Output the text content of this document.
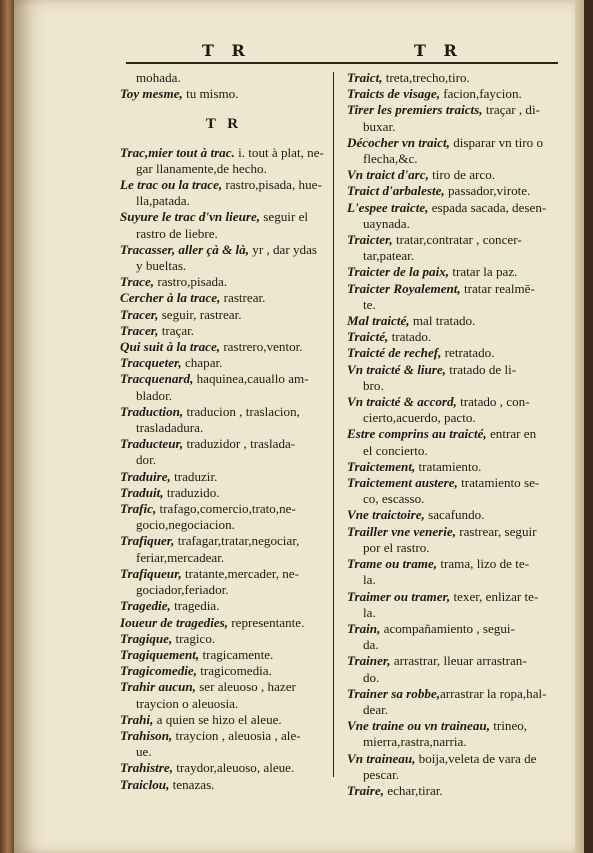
T R	T R
mohada.
Toy mesme, tu mismo.
T R
Trac,mier tout à trac. i. tout à plat, ne-
gar llanamente,de hecho.
Le trac ou la trace, rastro,pisada, hue-
lla,patada.
Suyure le trac d'vn lieure, seguir el
rastro de liebre.
Tracasser, aller çà & là, yr , dar ydas
y bueltas.
Trace, rastro,pisada.
Cercher à la trace, rastrear.
Tracer, seguir, rastrear.
Tracer, traçar.
Qui suit à la trace, rastrero,ventor.
Tracqueter, chapar.
Tracquenard, haquinea,cauallo am-
blador.
Traduction, traducion , traslacion,
trasladadura.
Traducteur, traduzidor , traslada-
dor.
Traduire, traduzir.
Traduit, traduzido.
Trafic, trafago,comercio,trato,ne-
gocio,negociacion.
Trafiquer, trafagar,tratar,negociar,
feriar,mercadear.
Trafiqueur, tratante,mercader, ne-
gociador,feriador.
Tragedie, tragedia.
Ioueur de tragedies, representante.
Tragique, tragico.
Tragiquement, tragicamente.
Tragicomedie, tragicomedia.
Trahir aucun, ser aleuoso , hazer
traycion o aleuosia.
Trahi, a quien se hizo el aleue.
Trahison, traycion , aleuosia , ale-
ue.
Trahistre, traydor,aleuoso, aleue.
Traiclou, tenazas.
Traict, treta,trecho,tiro.
Traicts de visage, facion,faycion.
Tirer les premiers traicts, traçar , di-
buxar.
Décocher vn traict, disparar vn tiro o
flecha,&c.
Vn traict d'arc, tiro de arco.
Traict d'arbaleste, passador,virote.
L'espee traicte, espada sacada, desen-
uaynada.
Traicter, tratar,contratar , concer-
tar,patear.
Traicter de la paix, tratar la paz.
Traicter Royalement, tratar realmē-
te.
Mal traicté, mal tratado.
Traicté, tratado.
Traicté de rechef, retratado.
Vn traicté & liure, tratado de li-
bro.
Vn traicté & accord, tratado , con-
cierto,acuerdo, pacto.
Estre comprins au traicté, entrar en
el concierto.
Traictement, tratamiento.
Traictement austere, tratamiento se-
co, escasso.
Vne traictoire, sacafundo.
Trailler vne venerie, rastrear, seguir
por el rastro.
Trame ou trame, trama, lizo de te-
la.
Traimer ou tramer, texer, enlizar te-
la.
Train, acompañamiento , segui-
da.
Trainer, arrastrar, lleuar arrastran-
do.
Trainer sa robbe,arrastrar la ropa,hal-
dear.
Vne traine ou vn traineau, trineo,
mierra,rastra,narria.
Vn traineau, boija,veleta de vara de
pescar.
Traire, echar,tirar.
